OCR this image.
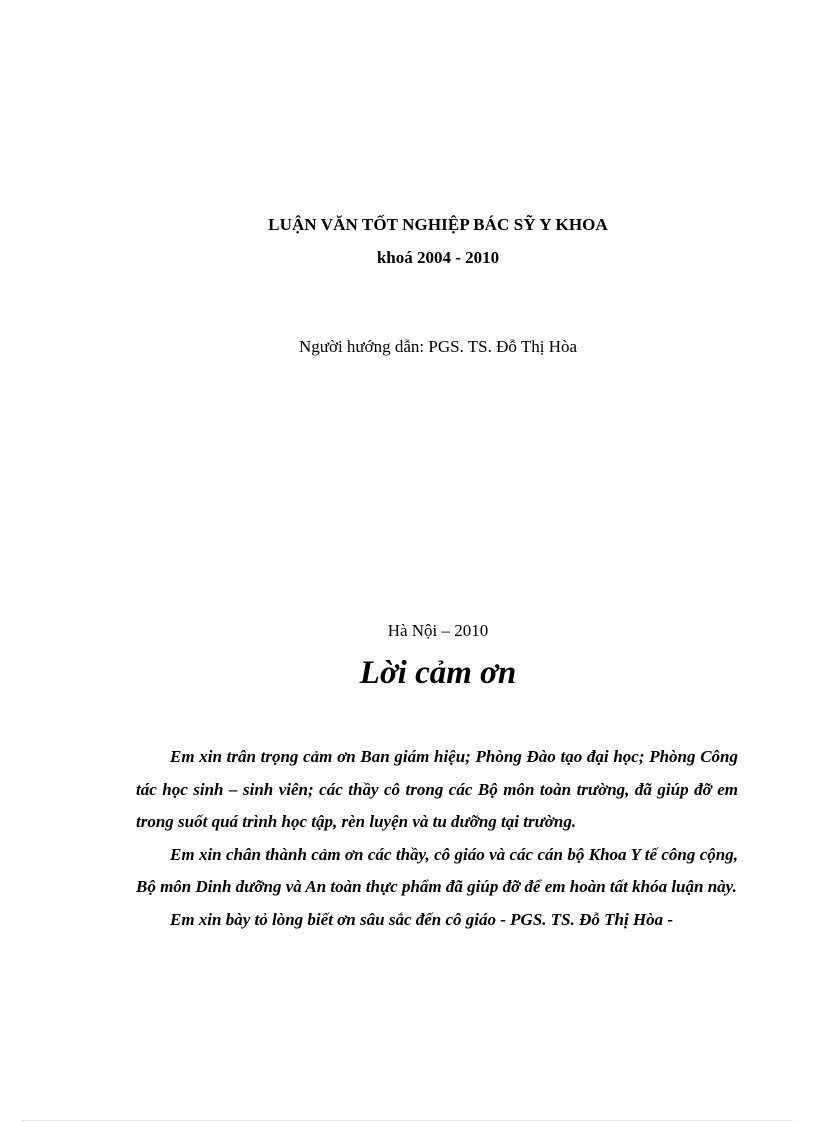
LUẬN VĂN TỐT NGHIỆP BÁC SỸ Y KHOA
khoá 2004 - 2010
Người hướng dẫn: PGS. TS. Đỗ Thị Hòa
Hà Nội – 2010
Lời cảm ơn

Em xin trân trọng cảm ơn Ban giám hiệu; Phòng Đào tạo đại học; Phòng Công tác học sinh – sinh viên; các thầy cô trong các Bộ môn toàn trường, đã giúp đỡ em trong suốt quá trình học tập, rèn luyện và tu dưỡng tại trường.

Em xin chân thành cảm ơn các thầy, cô giáo và các cán bộ Khoa Y tế công cộng, Bộ môn Dinh dưỡng và An toàn thực phẩm đã giúp đỡ để em hoàn tất khóa luận này.

Em xin bày tỏ lòng biết ơn sâu sắc đến cô giáo - PGS. TS. Đỗ Thị Hòa -
